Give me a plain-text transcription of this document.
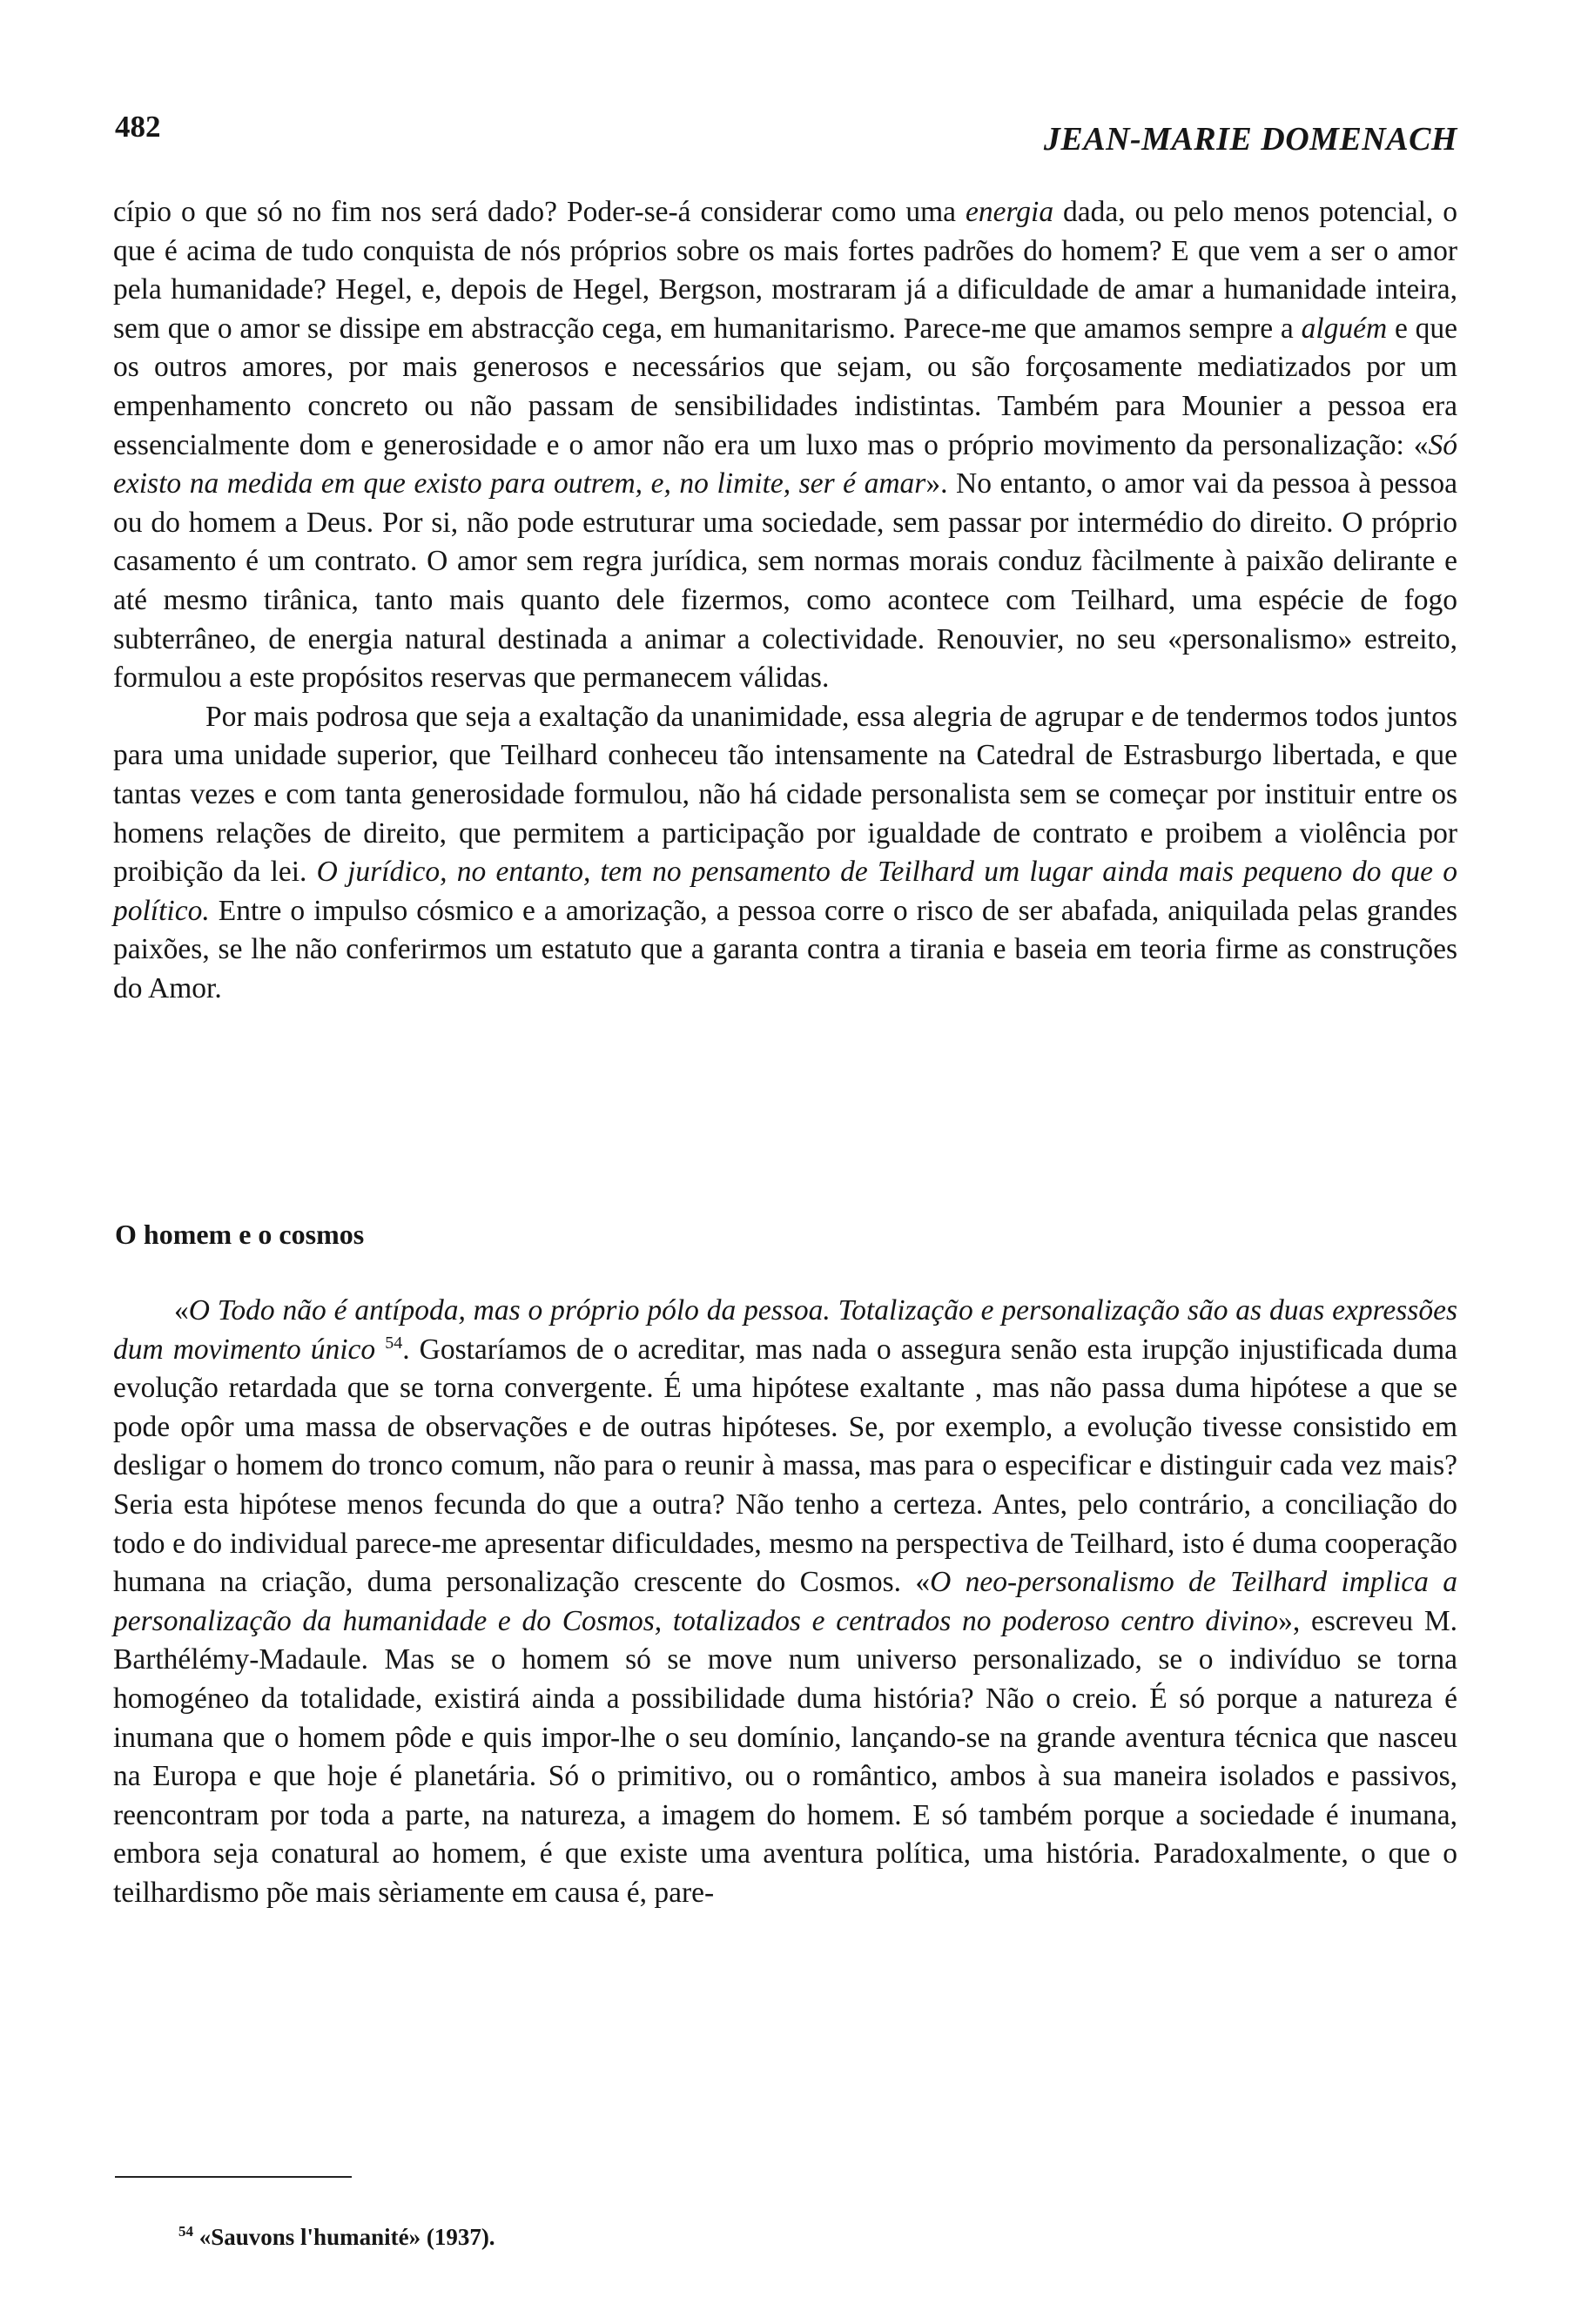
482	JEAN-MARIE DOMENACH

cípio o que só no fim nos será dado? Poder-se-á considerar como uma energia dada, ou pelo menos potencial, o que é acima de tudo conquista de nós próprios sobre os mais fortes padrões do homem? E que vem a ser o amor pela humanidade? Hegel, e, depois de Hegel, Bergson, mostraram já a dificuldade de amar a humanidade inteira, sem que o amor se dissipe em abstracção cega, em humanitarismo. Parece-me que amamos sempre a alguém e que os outros amores, por mais generosos e necessários que sejam, ou são forçosamente mediatizados por um empenhamento concreto ou não passam de sensibilidades indistintas. Também para Mounier a pessoa era essencialmente dom e generosidade e o amor não era um luxo mas o próprio movimento da personalização: «Só existo na medida em que existo para outrem, e, no limite, ser é amar». No entanto, o amor vai da pessoa à pessoa ou do homem a Deus. Por si, não pode estruturar uma sociedade, sem passar por intermédio do direito. O próprio casamento é um contrato. O amor sem regra jurídica, sem normas morais conduz fàcilmente à paixão delirante e até mesmo tirânica, tanto mais quanto dele fizermos, como acontece com Teilhard, uma espécie de fogo subterrâneo, de energia natural destinada a animar a colectividade. Renouvier, no seu «personalismo» estreito, formulou a este propósitos reservas que permanecem válidas.

Por mais podrosa que seja a exaltação da unanimidade, essa alegria de agrupar e de tendermos todos juntos para uma unidade superior, que Teilhard conheceu tão intensamente na Catedral de Estrasburgo libertada, e que tantas vezes e com tanta generosidade formulou, não há cidade personalista sem se começar por instituir entre os homens relações de direito, que permitem a participação por igualdade de contrato e proibem a violência por proibição da lei. O jurídico, no entanto, tem no pensamento de Teilhard um lugar ainda mais pequeno do que o político. Entre o impulso cósmico e a amorização, a pessoa corre o risco de ser abafada, aniquilada pelas grandes paixões, se lhe não conferirmos um estatuto que a garanta contra a tirania e baseia em teoria firme as construções do Amor.

O homem e o cosmos

«O Todo não é antípoda, mas o próprio pólo da pessoa. Totalização e personalização são as duas expressões dum movimento único $^{54}$. Gostaríamos de o acreditar, mas nada o assegura senão esta irupção injustificada duma evolução retardada que se torna convergente. É uma hipótese exaltante , mas não passa duma hipótese a que se pode opôr uma massa de observações e de outras hipóteses. Se, por exemplo, a evolução tivesse consistido em desligar o homem do tronco comum, não para o reunir à massa, mas para o especificar e distinguir cada vez mais? Seria esta hipótese menos fecunda do que a outra? Não tenho a certeza. Antes, pelo contrário, a conciliação do todo e do individual parece-me apresentar dificuldades, mesmo na perspectiva de Teilhard, isto é duma cooperação humana na criação, duma personalização crescente do Cosmos. «O neo-personalismo de Teilhard implica a personalização da humanidade e do Cosmos, totalizados e centrados no poderoso centro divino», escreveu M. Barthélémy-Madaule. Mas se o homem só se move num universo personalizado, se o indivíduo se torna homogéneo da totalidade, existirá ainda a possibilidade duma história? Não o creio. É só porque a natureza é inumana que o homem pôde e quis impor-lhe o seu domínio, lançando-se na grande aventura técnica que nasceu na Europa e que hoje é planetária. Só o primitivo, ou o romântico, ambos à sua maneira isolados e passivos, reencontram por toda a parte, na natureza, a imagem do homem. E só também porque a sociedade é inumana, embora seja conatural ao homem, é que existe uma aventura política, uma história. Paradoxalmente, o que o teilhardismo põe mais sèriamente em causa é, pare-

$^{54}$ «Sauvons l'humanité» (1937).
